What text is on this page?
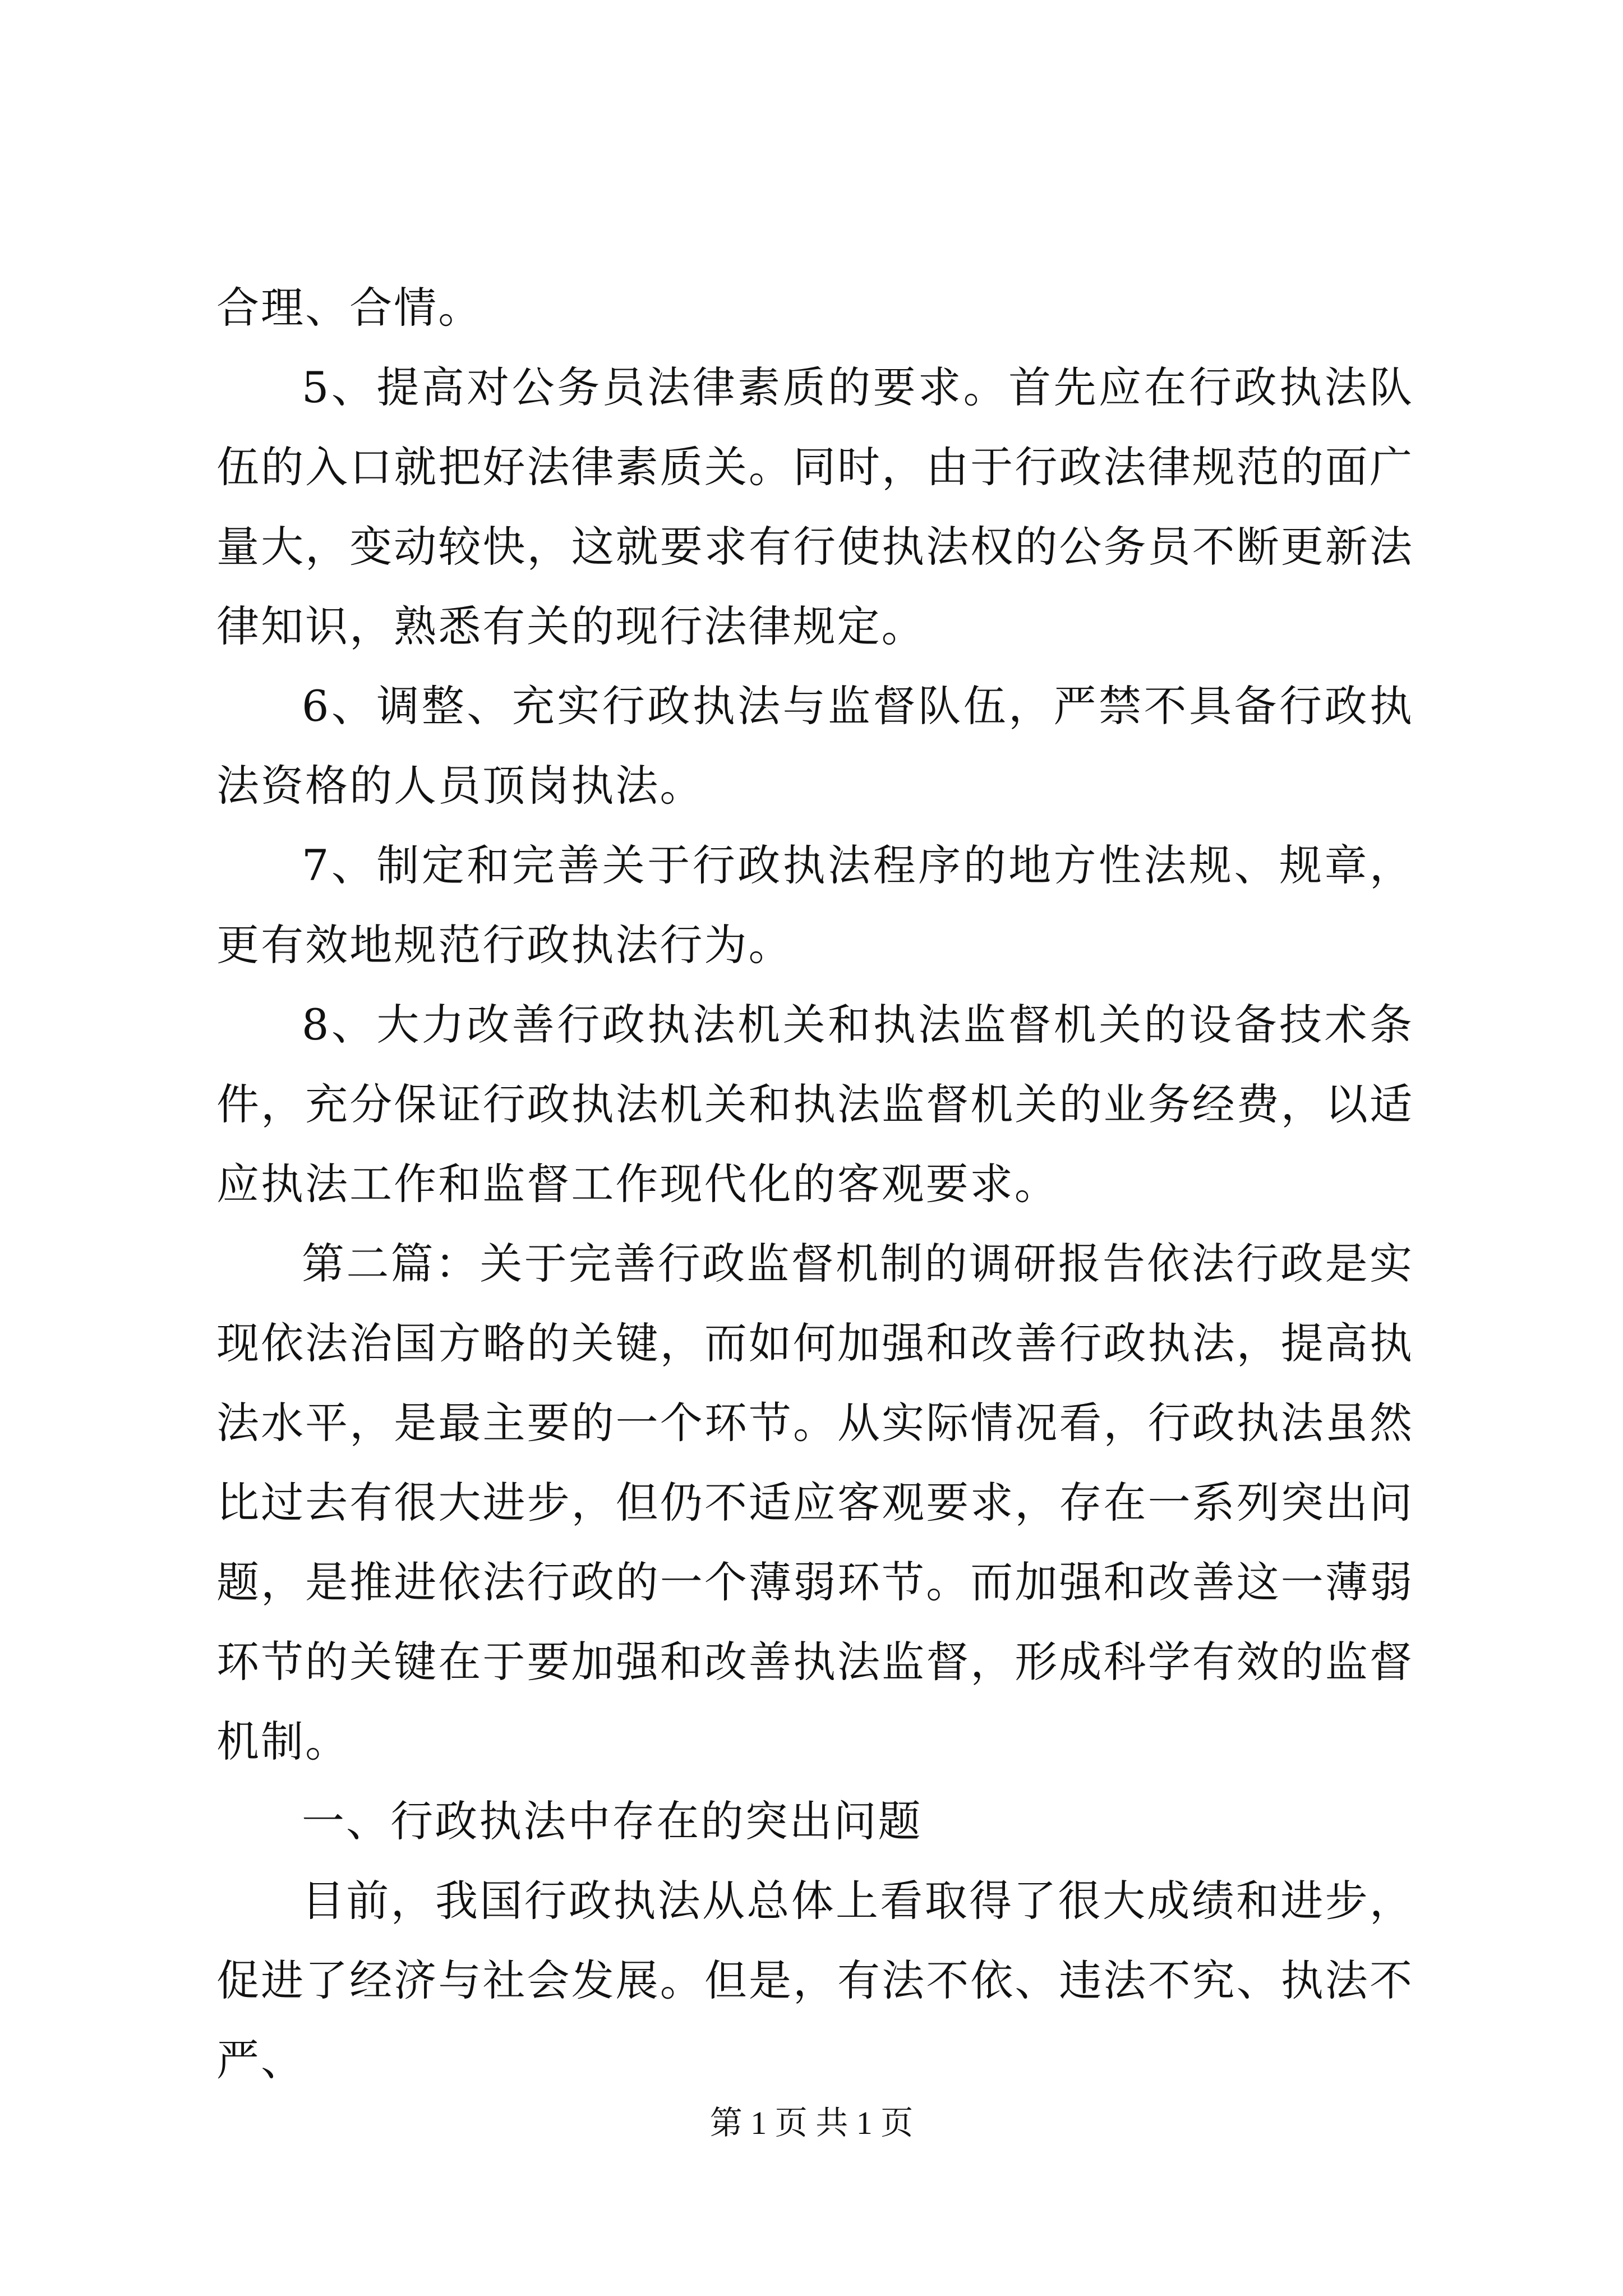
合理、合情。

5、提高对公务员法律素质的要求。首先应在行政执法队伍的入口就把好法律素质关。同时，由于行政法律规范的面广量大，变动较快，这就要求有行使执法权的公务员不断更新法律知识，熟悉有关的现行法律规定。

6、调整、充实行政执法与监督队伍，严禁不具备行政执法资格的人员顶岗执法。

7、制定和完善关于行政执法程序的地方性法规、规章，更有效地规范行政执法行为。

8、大力改善行政执法机关和执法监督机关的设备技术条件，充分保证行政执法机关和执法监督机关的业务经费，以适应执法工作和监督工作现代化的客观要求。

第二篇：关于完善行政监督机制的调研报告依法行政是实现依法治国方略的关键，而如何加强和改善行政执法，提高执法水平，是最主要的一个环节。从实际情况看，行政执法虽然比过去有很大进步，但仍不适应客观要求，存在一系列突出问题，是推进依法行政的一个薄弱环节。而加强和改善这一薄弱环节的关键在于要加强和改善执法监督，形成科学有效的监督机制。

一、行政执法中存在的突出问题

目前，我国行政执法从总体上看取得了很大成绩和进步，促进了经济与社会发展。但是，有法不依、违法不究、执法不严、

第 1 页 共 1 页
